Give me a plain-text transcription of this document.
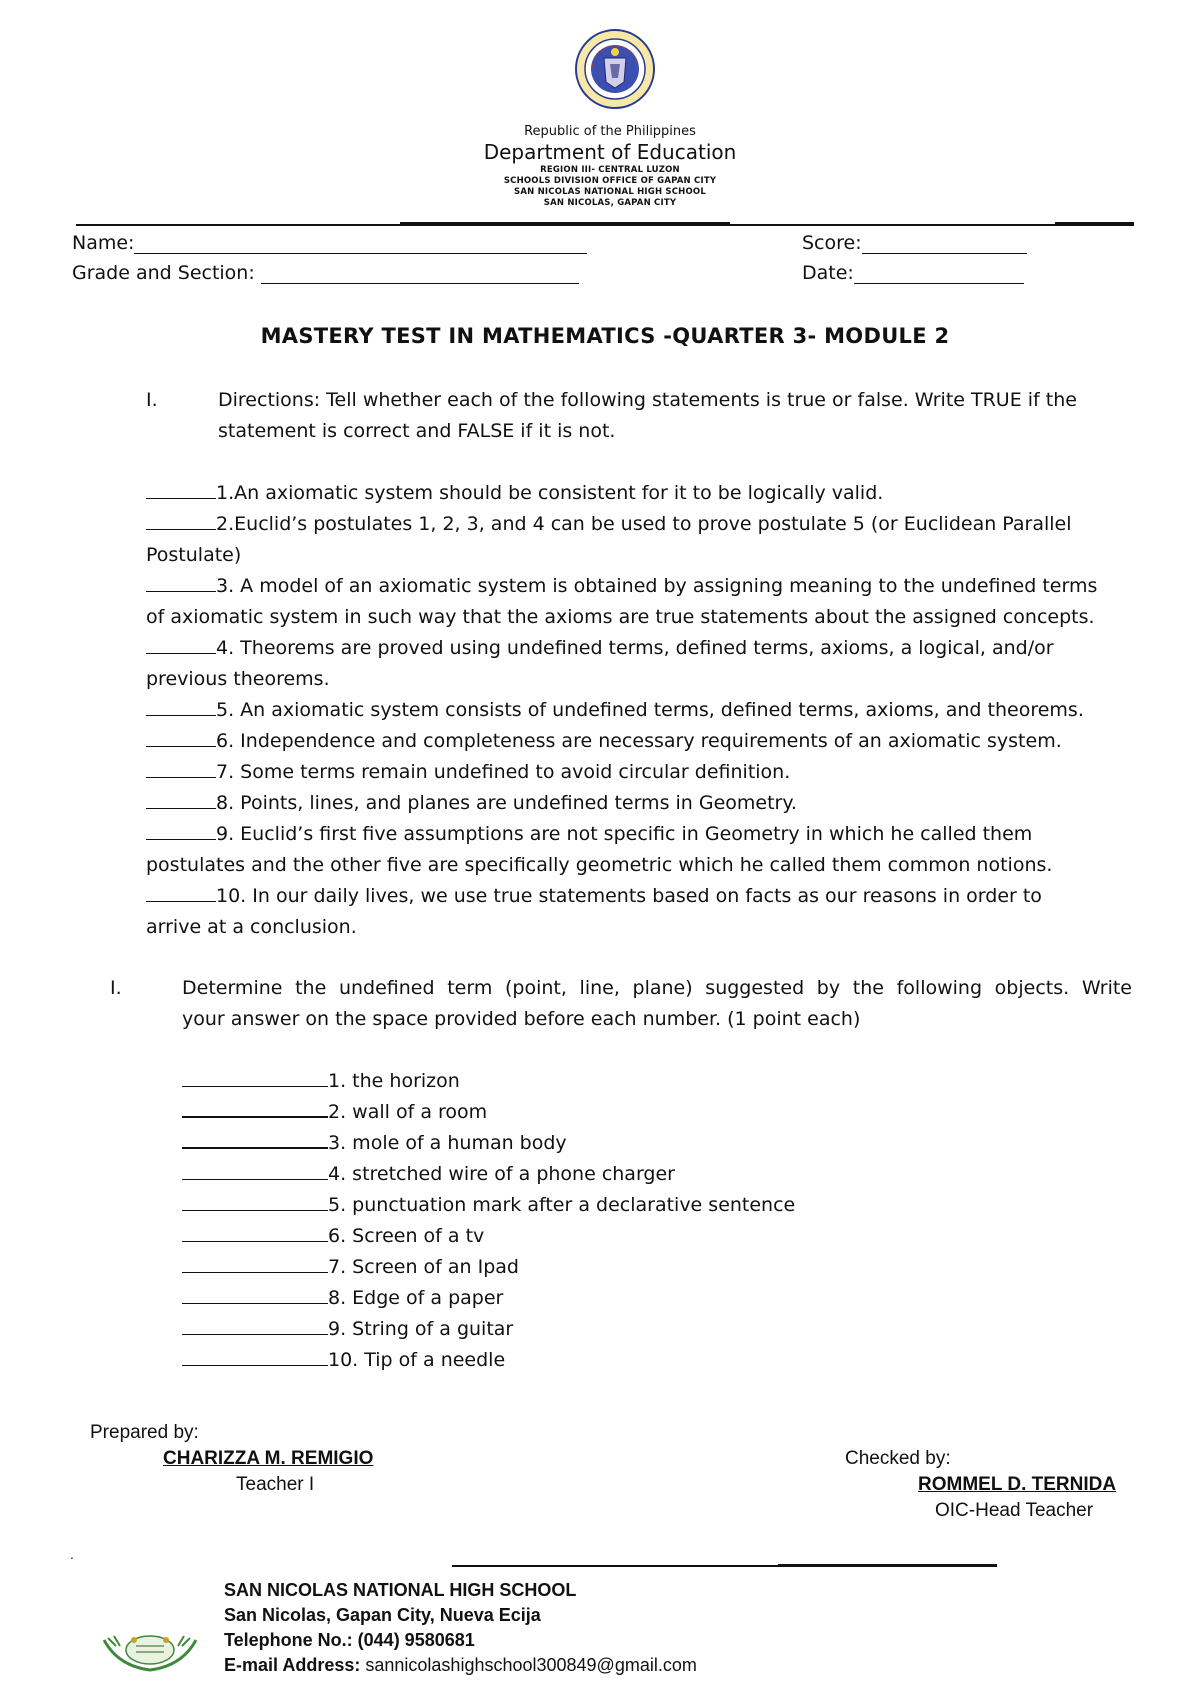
Republic of the Philippines
Department of Education
REGION III- CENTRAL LUZON
SCHOOLS DIVISION OFFICE OF GAPAN CITY
SAN NICOLAS NATIONAL HIGH SCHOOL
SAN NICOLAS, GAPAN CITY
Name:
Grade and Section:
Score:
Date:
MASTERY TEST IN MATHEMATICS -QUARTER 3- MODULE 2
I.	Directions: Tell whether each of the following statements is true or false. Write TRUE if the
statement is correct and FALSE if it is not.
1.An axiomatic system should be consistent for it to be logically valid.
2.Euclid’s postulates 1, 2, 3, and 4 can be used to prove postulate 5 (or Euclidean Parallel
Postulate)
3. A model of an axiomatic system is obtained by assigning meaning to the undefined terms
of axiomatic system in such way that the axioms are true statements about the assigned concepts.
4. Theorems are proved using undefined terms, defined terms, axioms, a logical, and/or
previous theorems.
5. An axiomatic system consists of undefined terms, defined terms, axioms, and theorems.
6. Independence and completeness are necessary requirements of an axiomatic system.
7. Some terms remain undefined to avoid circular definition.
8. Points, lines, and planes are undefined terms in Geometry.
9. Euclid’s first five assumptions are not specific in Geometry in which he called them
postulates and the other five are specifically geometric which he called them common notions.
10. In our daily lives, we use true statements based on facts as our reasons in order to
arrive at a conclusion.
I.	Determine the undefined term (point, line, plane) suggested by the following objects. Write
your answer on the space provided before each number. (1 point each)
1. the horizon
2. wall of a room
3. mole of a human body
4. stretched wire of a phone charger
5. punctuation mark after a declarative sentence
6. Screen of a tv
7. Screen of an Ipad
8. Edge of a paper
9. String of a guitar
10. Tip of a needle
Prepared by:
CHARIZZA M. REMIGIO
Teacher I
Checked by:
ROMMEL D. TERNIDA
OIC-Head Teacher
.
SAN NICOLAS NATIONAL HIGH SCHOOL
San Nicolas, Gapan City, Nueva Ecija
Telephone No.: (044) 9580681
E-mail Address: sannicolashighschool300849@gmail.com
